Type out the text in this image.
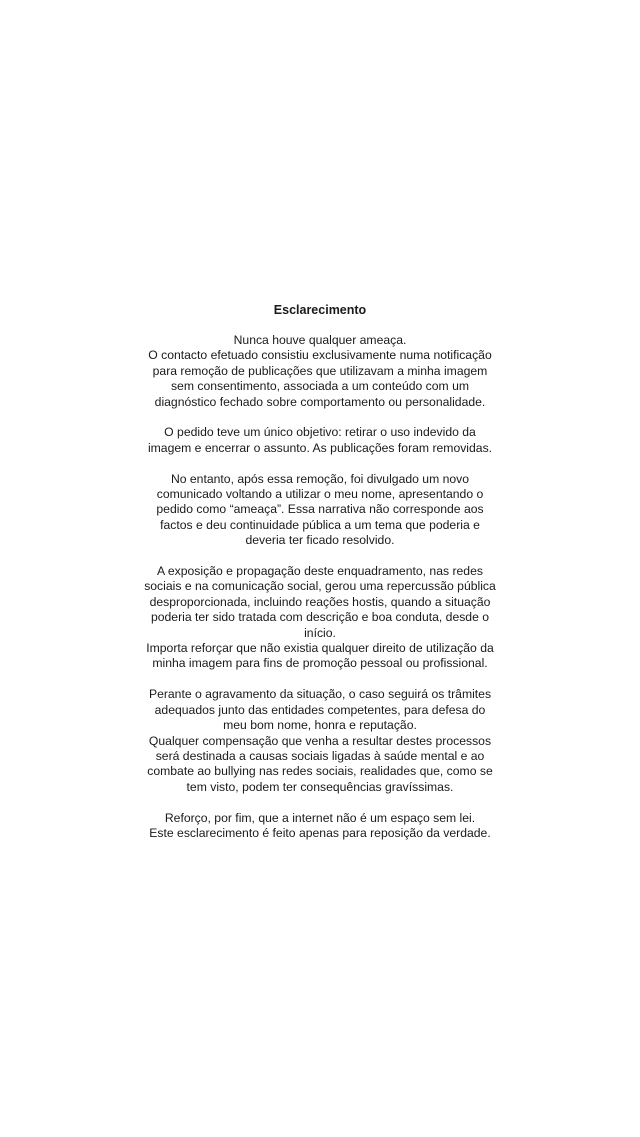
Esclarecimento
Nunca houve qualquer ameaça.
O contacto efetuado consistiu exclusivamente numa notificação
para remoção de publicações que utilizavam a minha imagem
sem consentimento, associada a um conteúdo com um
diagnóstico fechado sobre comportamento ou personalidade.
O pedido teve um único objetivo: retirar o uso indevido da
imagem e encerrar o assunto. As publicações foram removidas.
No entanto, após essa remoção, foi divulgado um novo
comunicado voltando a utilizar o meu nome, apresentando o
pedido como “ameaça”. Essa narrativa não corresponde aos
factos e deu continuidade pública a um tema que poderia e
deveria ter ficado resolvido.
A exposição e propagação deste enquadramento, nas redes
sociais e na comunicação social, gerou uma repercussão pública
desproporcionada, incluindo reações hostis, quando a situação
poderia ter sido tratada com descrição e boa conduta, desde o
início.
Importa reforçar que não existia qualquer direito de utilização da
minha imagem para fins de promoção pessoal ou profissional.
Perante o agravamento da situação, o caso seguirá os trâmites
adequados junto das entidades competentes, para defesa do
meu bom nome, honra e reputação.
Qualquer compensação que venha a resultar destes processos
será destinada a causas sociais ligadas à saúde mental e ao
combate ao bullying nas redes sociais, realidades que, como se
tem visto, podem ter consequências gravíssimas.
Reforço, por fim, que a internet não é um espaço sem lei.
Este esclarecimento é feito apenas para reposição da verdade.
